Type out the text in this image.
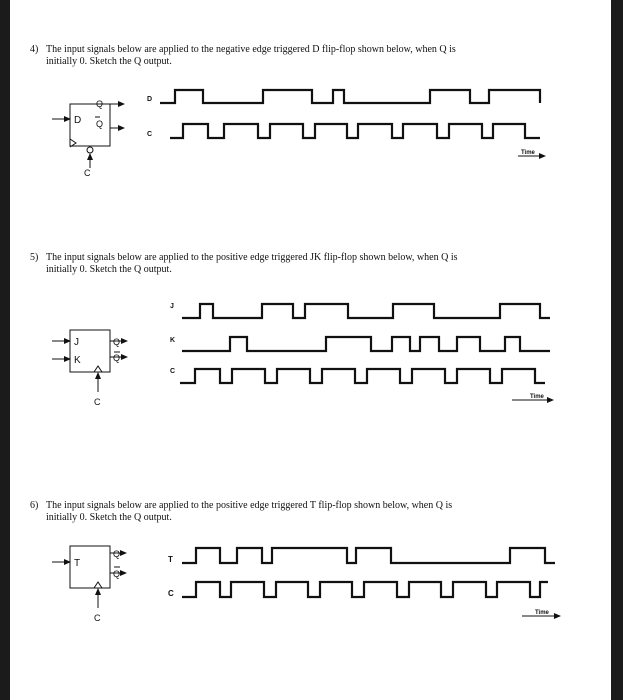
4) The input signals below are applied to the negative edge triggered D flip-flop shown below, when Q is
initially 0. Sketch the Q output.
5) The input signals below are applied to the positive edge triggered JK flip-flop shown below, when Q is
initially 0. Sketch the Q output.
6) The input signals below are applied to the positive edge triggered T flip-flop shown below, when Q is
initially 0. Sketch the Q output.
D
Q
Q
C
D
C
Time
J
K
Q
Q
C
J
K
C
Time
T
Q
Q
C
T
C
Time
